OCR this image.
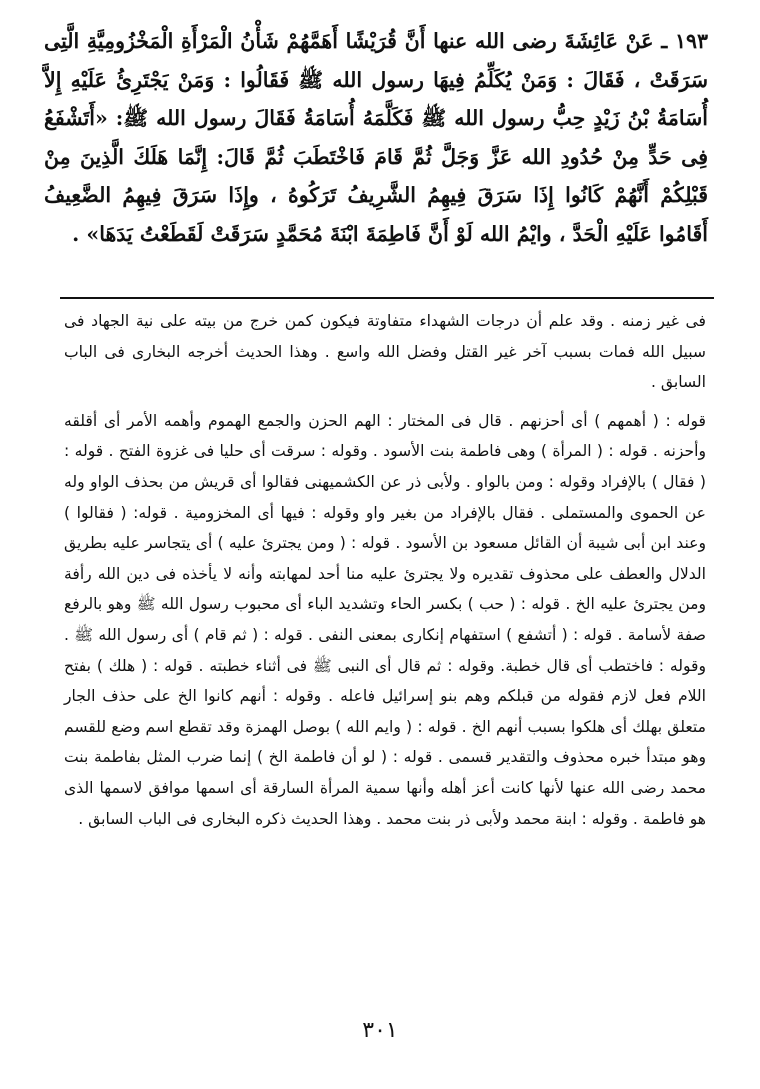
١٩٣ ـ عَنْ عَائِشَةَ رضى الله عنها أَنَّ قُرَيْشًا أَهَمَّهُمْ شَأْنُ الْمَرْأَةِ الْمَخْزُومِيَّةِ الَّتِى سَرَقَتْ ، فَقَالَ : وَمَنْ يُكَلِّمُ فِيهَا رسول الله ﷺ فَقَالُوا : وَمَنْ يَجْتَرِئُ عَلَيْهِ إِلاَّ أُسَامَةُ بْنُ زَيْدٍ حِبُّ رسول الله ﷺ فَكَلَّمَهُ أُسَامَةُ فَقَالَ رسول الله ﷺ: «أَتَشْفَعُ فِى حَدٍّ مِنْ حُدُودِ الله عَزَّ وَجَلَّ ثُمَّ قَامَ فَاخْتَطَبَ ثُمَّ قَالَ: إِنَّمَا هَلَكَ الَّذِينَ مِنْ قَبْلِكُمْ أَنَّهُمْ كَانُوا إِذَا سَرَقَ فِيهِمُ الشَّرِيفُ تَرَكُوهُ ، وإِذَا سَرَقَ فِيهِمُ الضَّعِيفُ أَقَامُوا عَلَيْهِ الْحَدَّ ، وايْمُ الله لَوْ أَنَّ فَاطِمَةَ ابْنَةَ مُحَمَّدٍ سَرَقَتْ لَقَطَعْتُ يَدَهَا» .

فى غير زمنه . وقد علم أن درجات الشهداء متفاوتة فيكون كمن خرج من بيته على نية الجهاد فى سبيل الله فمات بسبب آخر غير القتل وفضل الله واسع . وهذا الحديث أخرجه البخارى فى الباب السابق .

قوله : ( أهمهم ) أى أحزنهم . قال فى المختار : الهم الحزن والجمع الهموم وأهمه الأمر أى أقلقه وأحزنه . قوله : ( المرأة ) وهى فاطمة بنت الأسود . وقوله : سرقت أى حليا فى غزوة الفتح . قوله : ( فقال ) بالإفراد وقوله : ومن بالواو . ولأبى ذر عن الكشميهنى فقالوا أى قريش من بحذف الواو وله عن الحموى والمستملى . فقال بالإفراد من بغير واو وقوله : فيها أى المخزومية . قوله: ( فقالوا ) وعند ابن أبى شيبة أن القائل مسعود بن الأسود . قوله : ( ومن يجترئ عليه ) أى يتجاسر عليه بطريق الدلال والعطف على محذوف تقديره ولا يجترئ عليه منا أحد لمهابته وأنه لا يأخذه فى دين الله رأفة ومن يجترئ عليه الخ . قوله : ( حب ) بكسر الحاء وتشديد الباء أى محبوب رسول الله ﷺ وهو بالرفع صفة لأسامة . قوله : ( أتشفع ) استفهام إنكارى بمعنى النفى . قوله : ( ثم قام ) أى رسول الله ﷺ . وقوله : فاختطب أى قال خطبة. وقوله : ثم قال أى النبى ﷺ فى أثناء خطبته . قوله : ( هلك ) بفتح اللام فعل لازم فقوله من قبلكم وهم بنو إسرائيل فاعله . وقوله : أنهم كانوا الخ على حذف الجار متعلق بهلك أى هلكوا بسبب أنهم الخ . قوله : ( وايم الله ) بوصل الهمزة وقد تقطع اسم وضع للقسم وهو مبتدأ خبره محذوف والتقدير قسمى . قوله : ( لو أن فاطمة الخ ) إنما ضرب المثل بفاطمة بنت محمد رضى الله عنها لأنها كانت أعز أهله وأنها سمية المرأة السارقة أى اسمها موافق لاسمها الذى هو فاطمة . وقوله : ابنة محمد ولأبى ذر بنت محمد . وهذا الحديث ذكره البخارى فى الباب السابق .

٣٠١
